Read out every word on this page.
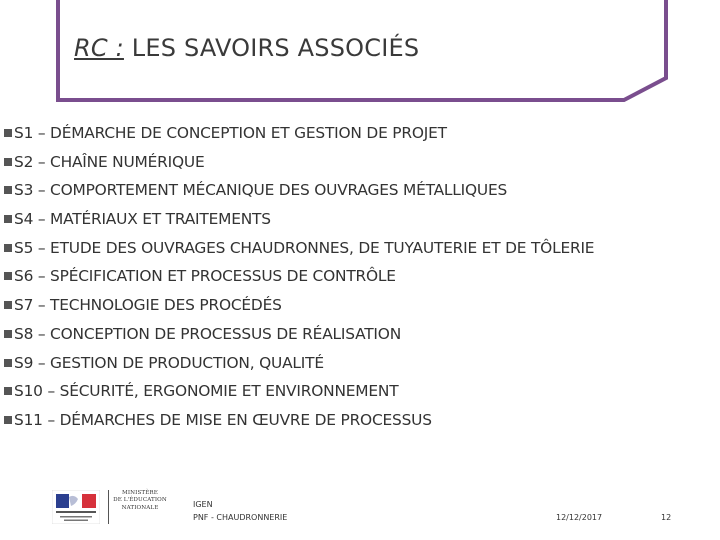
RC : LES SAVOIRS ASSOCIÉS
S1 – DÉMARCHE DE CONCEPTION ET GESTION DE PROJET
S2 – CHAÎNE NUMÉRIQUE
S3 – COMPORTEMENT MÉCANIQUE DES OUVRAGES MÉTALLIQUES
S4 – MATÉRIAUX ET TRAITEMENTS
S5 – ETUDE DES OUVRAGES CHAUDRONNES, DE TUYAUTERIE ET DE TÔLERIE
S6 – SPÉCIFICATION ET PROCESSUS DE CONTRÔLE
S7 – TECHNOLOGIE DES PROCÉDÉS
S8 – CONCEPTION DE PROCESSUS DE RÉALISATION
S9 – GESTION DE PRODUCTION, QUALITÉ
S10 – SÉCURITÉ, ERGONOMIE ET ENVIRONNEMENT
S11 – DÉMARCHES DE MISE EN ŒUVRE DE PROCESSUS
MINISTÈRE
DE L'ÉDUCATION
NATIONALE	IGEN
PNF - CHAUDRONNERIE	12/12/2017	12
